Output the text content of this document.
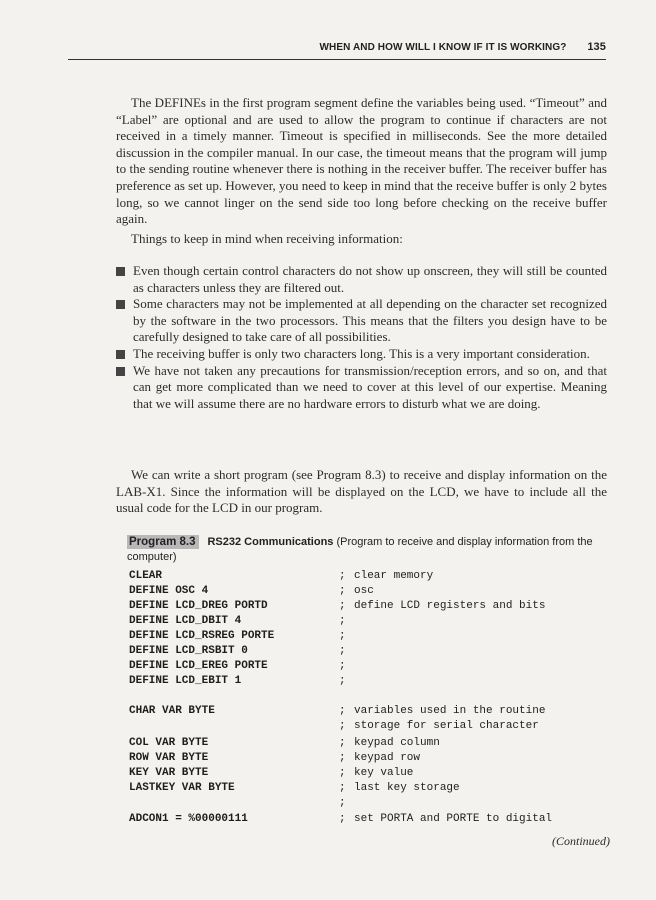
WHEN AND HOW WILL I KNOW IF IT IS WORKING? 135
The DEFINEs in the first program segment define the variables being used. “Timeout” and “Label” are optional and are used to allow the program to continue if characters are not received in a timely manner. Timeout is specified in milliseconds. See the more detailed discussion in the compiler manual. In our case, the timeout means that the program will jump to the sending routine whenever there is nothing in the receiver buffer. The receiver buffer has preference as set up. However, you need to keep in mind that the receive buffer is only 2 bytes long, so we cannot linger on the send side too long before checking on the receive buffer again.
Things to keep in mind when receiving information:
Even though certain control characters do not show up onscreen, they will still be counted as characters unless they are filtered out.
Some characters may not be implemented at all depending on the character set recognized by the software in the two processors. This means that the filters you design have to be carefully designed to take care of all possibilities.
The receiving buffer is only two characters long. This is a very important consideration.
We have not taken any precautions for transmission/reception errors, and so on, and that can get more complicated than we need to cover at this level of our expertise. Meaning that we will assume there are no hardware errors to disturb what we are doing.
We can write a short program (see Program 8.3) to receive and display information on the LAB-X1. Since the information will be displayed on the LCD, we have to include all the usual code for the LCD in our program.
Program 8.3 RS232 Communications (Program to receive and display information from the computer)
CLEAR	; clear memory
DEFINE OSC 4	; osc
DEFINE LCD_DREG PORTD	; define LCD registers and bits
DEFINE LCD_DBIT 4	;
DEFINE LCD_RSREG PORTE	;
DEFINE LCD_RSBIT 0	;
DEFINE LCD_EREG PORTE	;
DEFINE LCD_EBIT 1	;
CHAR VAR BYTE	; variables used in the routine
; storage for serial character
COL VAR BYTE	; keypad column
ROW VAR BYTE	; keypad row
KEY VAR BYTE	; key value
LASTKEY VAR BYTE	; last key storage
;
ADCON1 = %00000111	; set PORTA and PORTE to digital
(Continued)
